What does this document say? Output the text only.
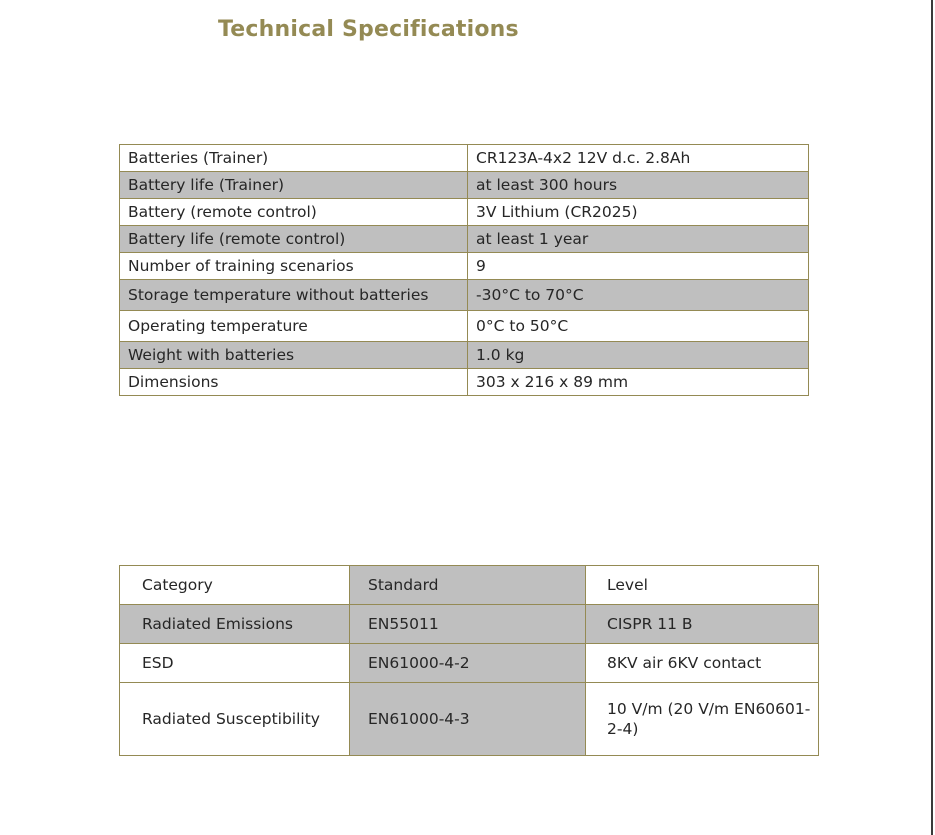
Technical Specifications
Batteries (Trainer)	CR123A-4x2 12V d.c. 2.8Ah
Battery life (Trainer)	at least 300 hours
Battery (remote control)	3V Lithium (CR2025)
Battery life (remote control)	at least 1 year
Number of training scenarios	9
Storage temperature without batteries	-30°C to 70°C
Operating temperature	0°C to 50°C
Weight with batteries	1.0 kg
Dimensions	303 x 216 x 89 mm
Category	Standard	Level
Radiated Emissions	EN55011	CISPR 11 B
ESD	EN61000-4-2	8KV air 6KV contact
Radiated Susceptibility	EN61000-4-3	10 V/m (20 V/m EN60601-2-4)
